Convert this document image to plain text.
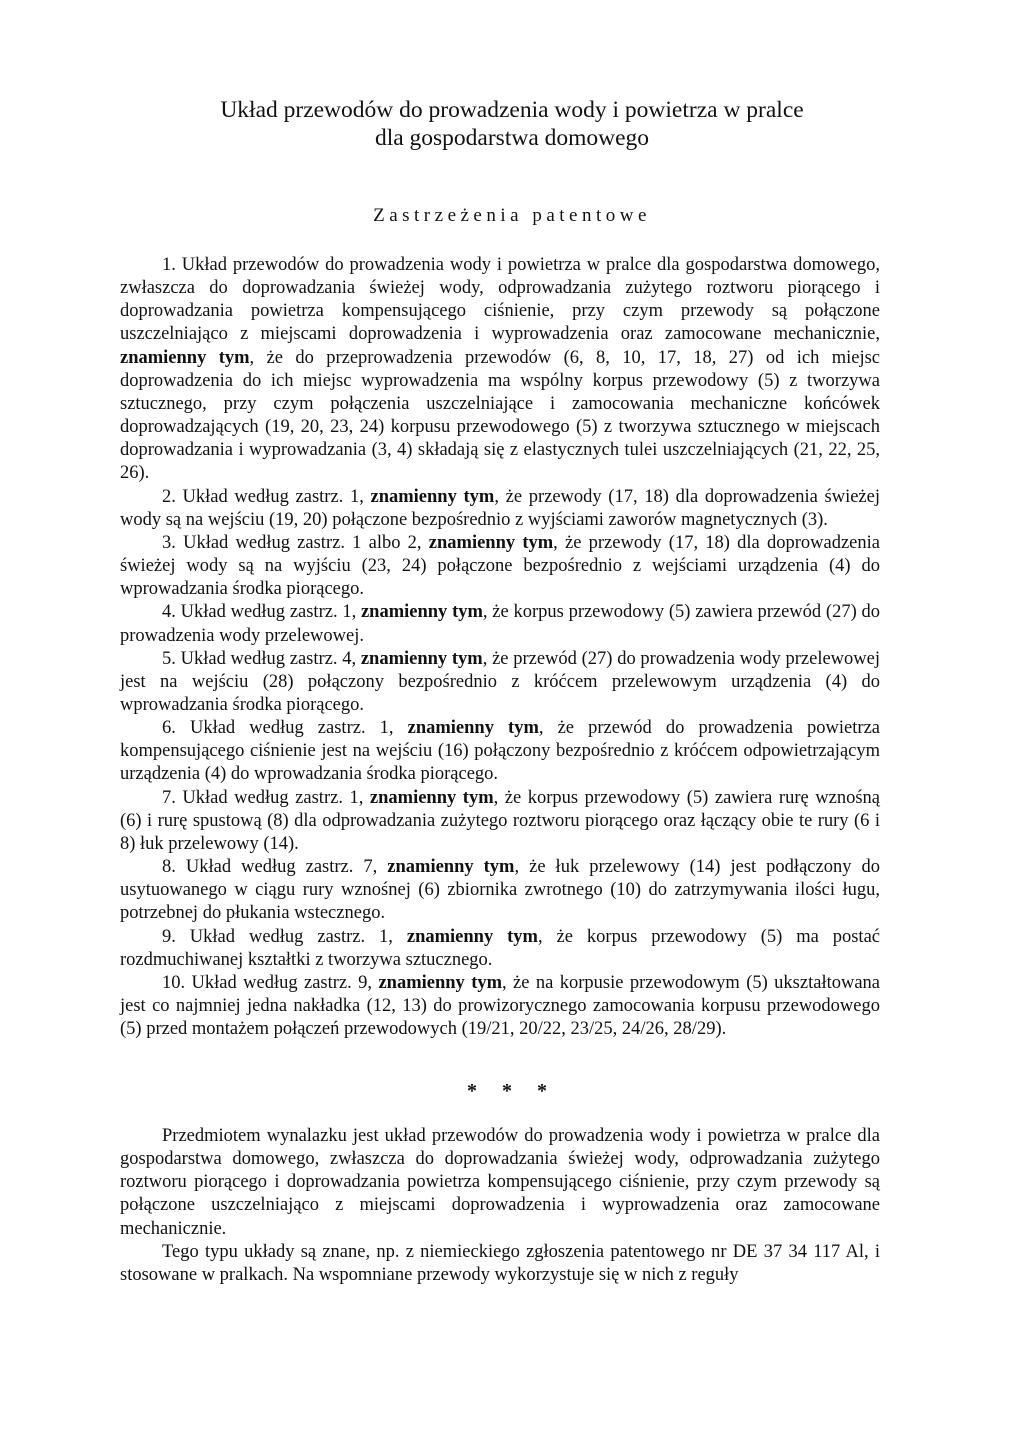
Układ przewodów do prowadzenia wody i powietrza w pralce
dla gospodarstwa domowego
Zastrzeżenia patentowe

1. Układ przewodów do prowadzenia wody i powietrza w pralce dla gospodarstwa domowego, zwłaszcza do doprowadzania świeżej wody, odprowadzania zużytego roztworu piorącego i doprowadzania powietrza kompensującego ciśnienie, przy czym przewody są połączone uszczelniająco z miejscami doprowadzenia i wyprowadzenia oraz zamocowane mechanicznie, znamienny tym, że do przeprowadzenia przewodów (6, 8, 10, 17, 18, 27) od ich miejsc doprowadzenia do ich miejsc wyprowadzenia ma wspólny korpus przewodowy (5) z tworzywa sztucznego, przy czym połączenia uszczelniające i zamocowania mechaniczne końcówek doprowadzających (19, 20, 23, 24) korpusu przewodowego (5) z tworzywa sztucznego w miejscach doprowadzania i wyprowadzania (3, 4) składają się z elastycznych tulei uszczelniających (21, 22, 25, 26).

2. Układ według zastrz. 1, znamienny tym, że przewody (17, 18) dla doprowadzenia świeżej wody są na wejściu (19, 20) połączone bezpośrednio z wyjściami zaworów magnetycznych (3).

3. Układ według zastrz. 1 albo 2, znamienny tym, że przewody (17, 18) dla doprowadzenia świeżej wody są na wyjściu (23, 24) połączone bezpośrednio z wejściami urządzenia (4) do wprowadzania środka piorącego.

4. Układ według zastrz. 1, znamienny tym, że korpus przewodowy (5) zawiera przewód (27) do prowadzenia wody przelewowej.

5. Układ według zastrz. 4, znamienny tym, że przewód (27) do prowadzenia wody przelewowej jest na wejściu (28) połączony bezpośrednio z króćcem przelewowym urządzenia (4) do wprowadzania środka piorącego.

6. Układ według zastrz. 1, znamienny tym, że przewód do prowadzenia powietrza kompensującego ciśnienie jest na wejściu (16) połączony bezpośrednio z króćcem odpowietrzającym urządzenia (4) do wprowadzania środka piorącego.

7. Układ według zastrz. 1, znamienny tym, że korpus przewodowy (5) zawiera rurę wznośną (6) i rurę spustową (8) dla odprowadzania zużytego roztworu piorącego oraz łączący obie te rury (6 i 8) łuk przelewowy (14).

8. Układ według zastrz. 7, znamienny tym, że łuk przelewowy (14) jest podłączony do usytuowanego w ciągu rury wznośnej (6) zbiornika zwrotnego (10) do zatrzymywania ilości ługu, potrzebnej do płukania wstecznego.

9. Układ według zastrz. 1, znamienny tym, że korpus przewodowy (5) ma postać rozdmuchiwanej kształtki z tworzywa sztucznego.

10. Układ według zastrz. 9, znamienny tym, że na korpusie przewodowym (5) ukształtowana jest co najmniej jedna nakładka (12, 13) do prowizorycznego zamocowania korpusu przewodowego (5) przed montażem połączeń przewodowych (19/21, 20/22, 23/25, 24/26, 28/29).

* * *

Przedmiotem wynalazku jest układ przewodów do prowadzenia wody i powietrza w pralce dla gospodarstwa domowego, zwłaszcza do doprowadzania świeżej wody, odprowadzania zużytego roztworu piorącego i doprowadzania powietrza kompensującego ciśnienie, przy czym przewody są połączone uszczelniająco z miejscami doprowadzenia i wyprowadzenia oraz zamocowane mechanicznie.

Tego typu układy są znane, np. z niemieckiego zgłoszenia patentowego nr DE 37 34 117 Al, i stosowane w pralkach. Na wspomniane przewody wykorzystuje się w nich z reguły
